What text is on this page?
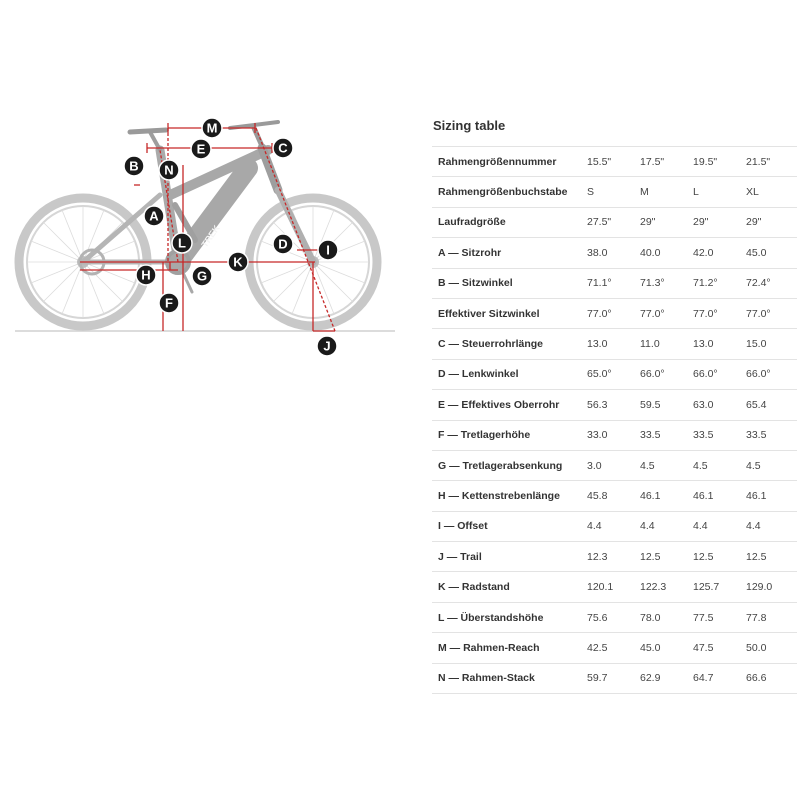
TREK
M
E	C
B N
A
L	D	I
H	G
K
F
J
Sizing table
Rahmengrößennummer	15.5"	17.5"	19.5"	21.5"
Rahmengrößenbuchstabe	S	M	L	XL
Laufradgröße	27.5"	29"	29"	29"
A — Sitzrohr	38.0	40.0	42.0	45.0
B — Sitzwinkel	71.1°	71.3°	71.2°	72.4°
Effektiver Sitzwinkel	77.0°	77.0°	77.0°	77.0°
C — Steuerrohrlänge	13.0	11.0	13.0	15.0
D — Lenkwinkel	65.0°	66.0°	66.0°	66.0°
E — Effektives Oberrohr	56.3	59.5	63.0	65.4
F — Tretlagerhöhe	33.0	33.5	33.5	33.5
G — Tretlagerabsenkung	3.0	4.5	4.5	4.5
H — Kettenstrebenlänge	45.8	46.1	46.1	46.1
I — Offset	4.4	4.4	4.4	4.4
J — Trail	12.3	12.5	12.5	12.5
K — Radstand	120.1	122.3	125.7	129.0
L — Überstandshöhe	75.6	78.0	77.5	77.8
M — Rahmen-Reach	42.5	45.0	47.5	50.0
N — Rahmen-Stack	59.7	62.9	64.7	66.6
